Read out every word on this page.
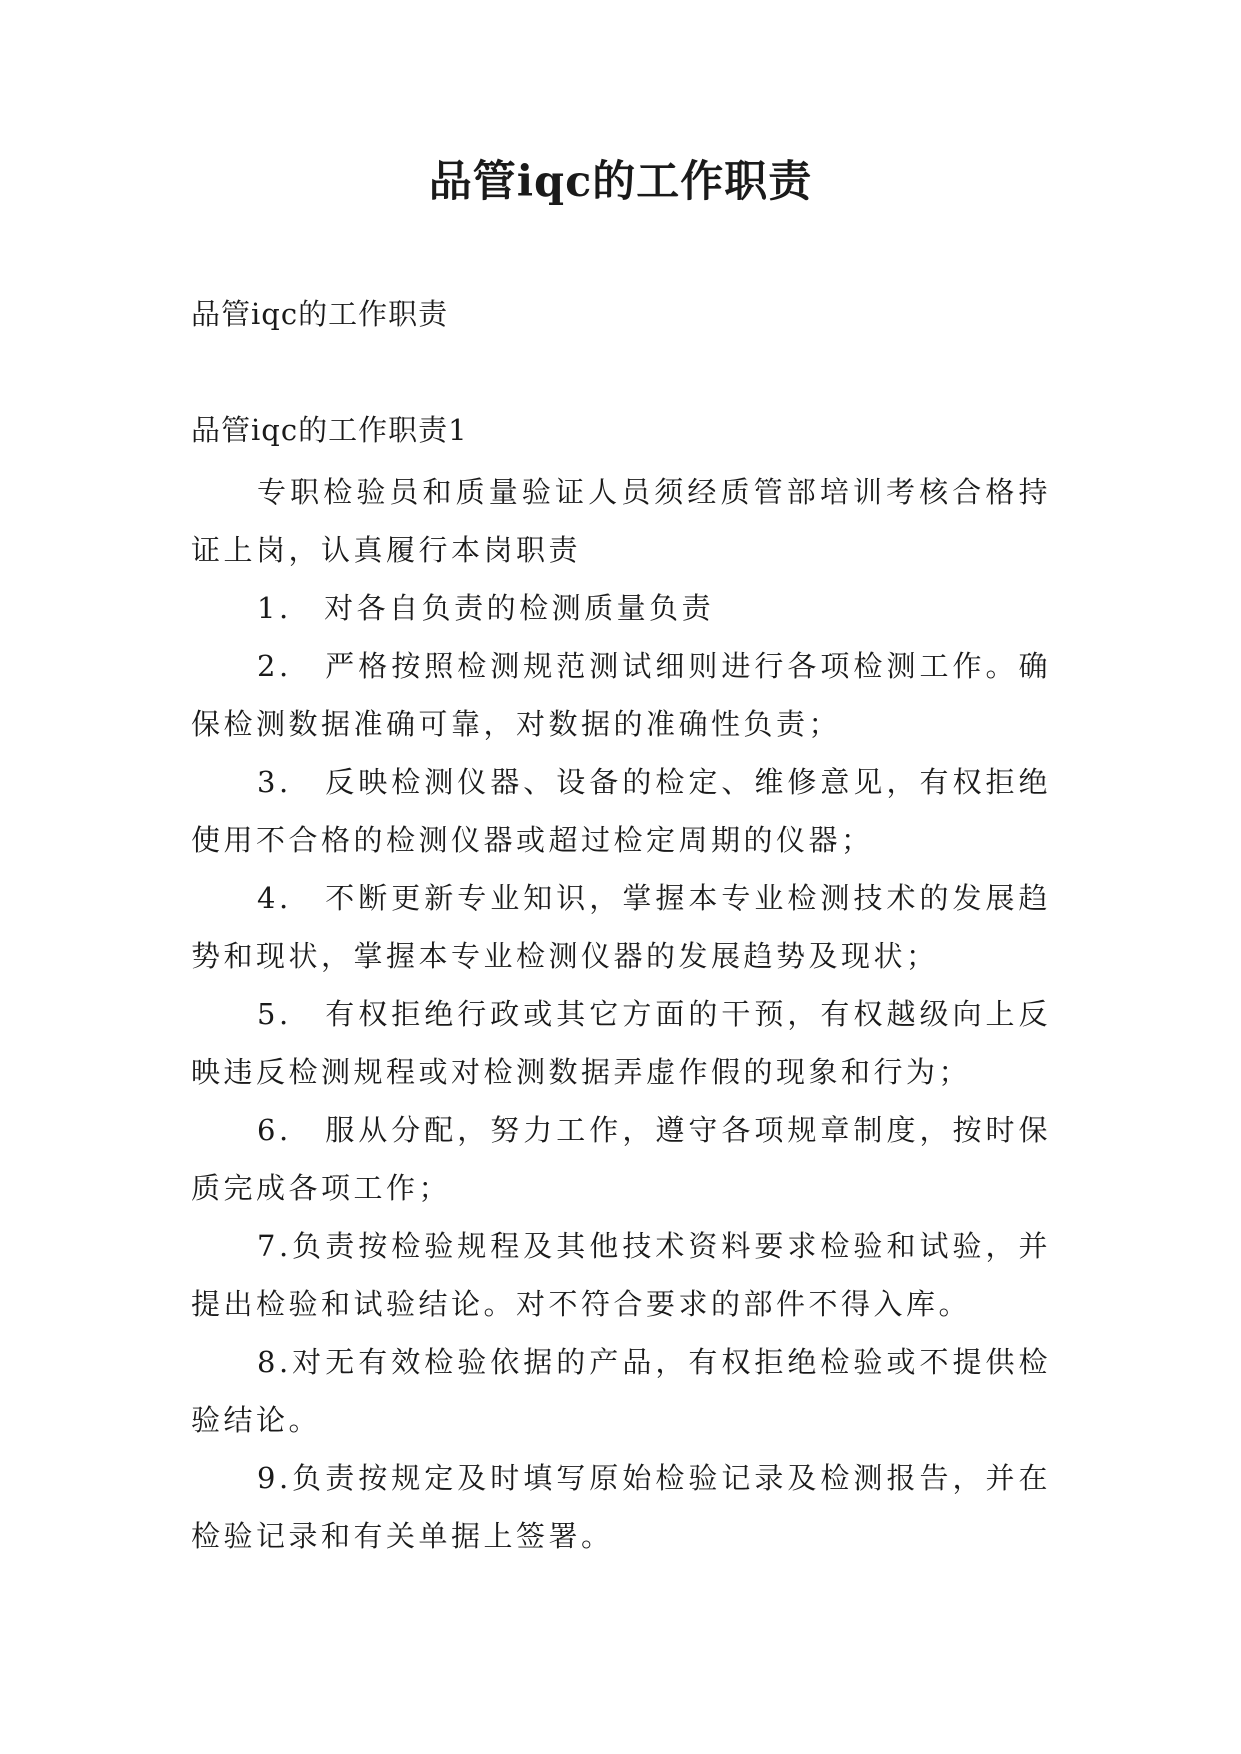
品管iqc的工作职责
品管iqc的工作职责
品管iqc的工作职责1

专职检验员和质量验证人员须经质管部培训考核合格持证上岗，认真履行本岗职责

1.　对各自负责的检测质量负责

2.　严格按照检测规范测试细则进行各项检测工作。确保检测数据准确可靠，对数据的准确性负责；

3.　反映检测仪器、设备的检定、维修意见，有权拒绝使用不合格的检测仪器或超过检定周期的仪器；

4.　不断更新专业知识，掌握本专业检测技术的发展趋势和现状，掌握本专业检测仪器的发展趋势及现状；

5.　有权拒绝行政或其它方面的干预，有权越级向上反映违反检测规程或对检测数据弄虚作假的现象和行为；

6.　服从分配，努力工作，遵守各项规章制度，按时保质完成各项工作；

7.负责按检验规程及其他技术资料要求检验和试验，并提出检验和试验结论。对不符合要求的部件不得入库。

8.对无有效检验依据的产品，有权拒绝检验或不提供检验结论。

9.负责按规定及时填写原始检验记录及检测报告，并在检验记录和有关单据上签署。
